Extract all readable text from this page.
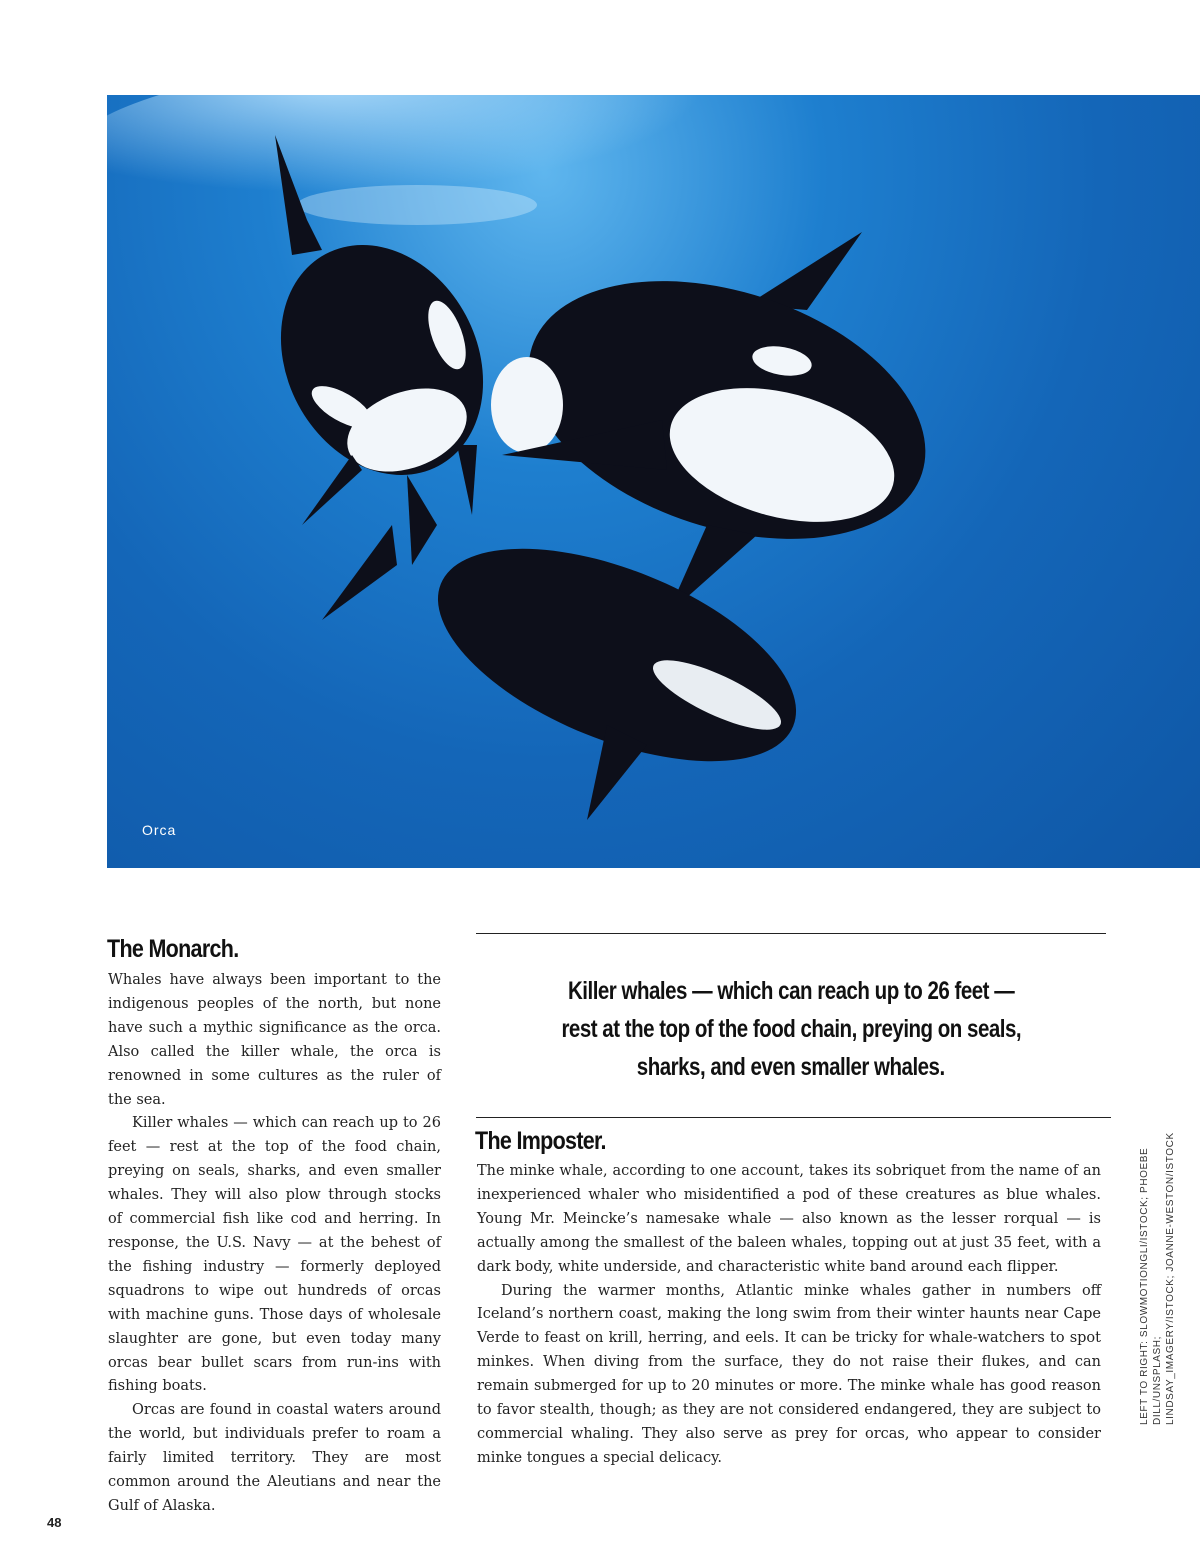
Orca
The Monarch.

Whales have always been important to the indigenous peoples of the north, but none have such a mythic significance as the orca. Also called the killer whale, the orca is renowned in some cultures as the ruler of the sea.

Killer whales — which can reach up to 26 feet — rest at the top of the food chain, preying on seals, sharks, and even smaller whales. They will also plow through stocks of commercial fish like cod and herring. In response, the U.S. Navy — at the behest of the fishing industry — formerly deployed squadrons to wipe out hundreds of orcas with machine guns. Those days of wholesale slaughter are gone, but even today many orcas bear bullet scars from run-ins with fishing boats.

Orcas are found in coastal waters around the world, but individuals prefer to roam a fairly limited territory. They are most common around the Aleutians and near the Gulf of Alaska.

Killer whales — which can reach up to 26 feet —
rest at the top of the food chain, preying on seals,
sharks, and even smaller whales.
The Imposter.

The minke whale, according to one account, takes its sobriquet from the name of an inexperienced whaler who misidentified a pod of these creatures as blue whales. Young Mr. Meincke’s namesake whale — also known as the lesser rorqual — is actually among the smallest of the baleen whales, topping out at just 35 feet, with a dark body, white underside, and characteristic white band around each flipper.

During the warmer months, Atlantic minke whales gather in numbers off Iceland’s northern coast, making the long swim from their winter haunts near Cape Verde to feast on krill, herring, and eels. It can be tricky for whale-watchers to spot minkes. When diving from the surface, they do not raise their flukes, and can remain submerged for up to 20 minutes or more. The minke whale has good reason to favor stealth, though; as they are not considered endangered, they are subject to commercial whaling. They also serve as prey for orcas, who appear to consider minke tongues a special delicacy.

LEFT TO RIGHT: SLOWMOTIONGLI/ISTOCK; PHOEBE DILL/UNSPLASH; LINDSAY_IMAGERY/ISTOCK; JOANNE-WESTON/ISTOCK
48
